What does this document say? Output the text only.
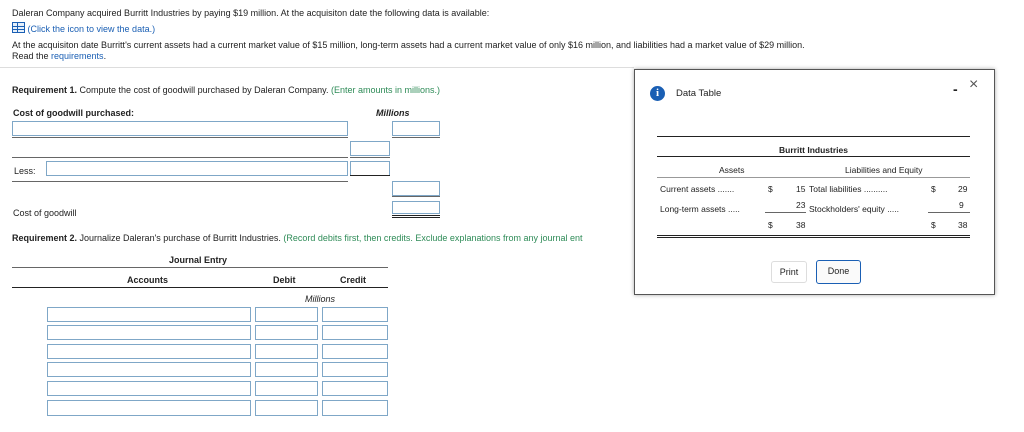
Daleran Company acquired Burritt Industries by paying $19 million. At the acquisiton date the following data is available:
(Click the icon to view the data.)
At the acquisiton date Burritt's current assets had a current market value of $15 million, long-term assets had a current market value of only $16 million, and liabilities had a market value of $29 million.
Read the requirements.
Requirement 1. Compute the cost of goodwill purchased by Daleran Company. (Enter amounts in millions.)
Cost of goodwill purchased:	Millions
Less:
Cost of goodwill
Requirement 2. Journalize Daleran's purchase of Burritt Industries. (Record debits first, then credits. Exclude explanations from any journal ent
Journal Entry
Accounts	Debit	Credit
Millions
i	Data Table	- ×
Burritt Industries
Assets	Liabilities and Equity
Current assets .......	$	15 Total liabilities ..........	$	29
Long-term assets .....	23 Stockholders' equity .....	9
$	38	$	38
Print	Done
